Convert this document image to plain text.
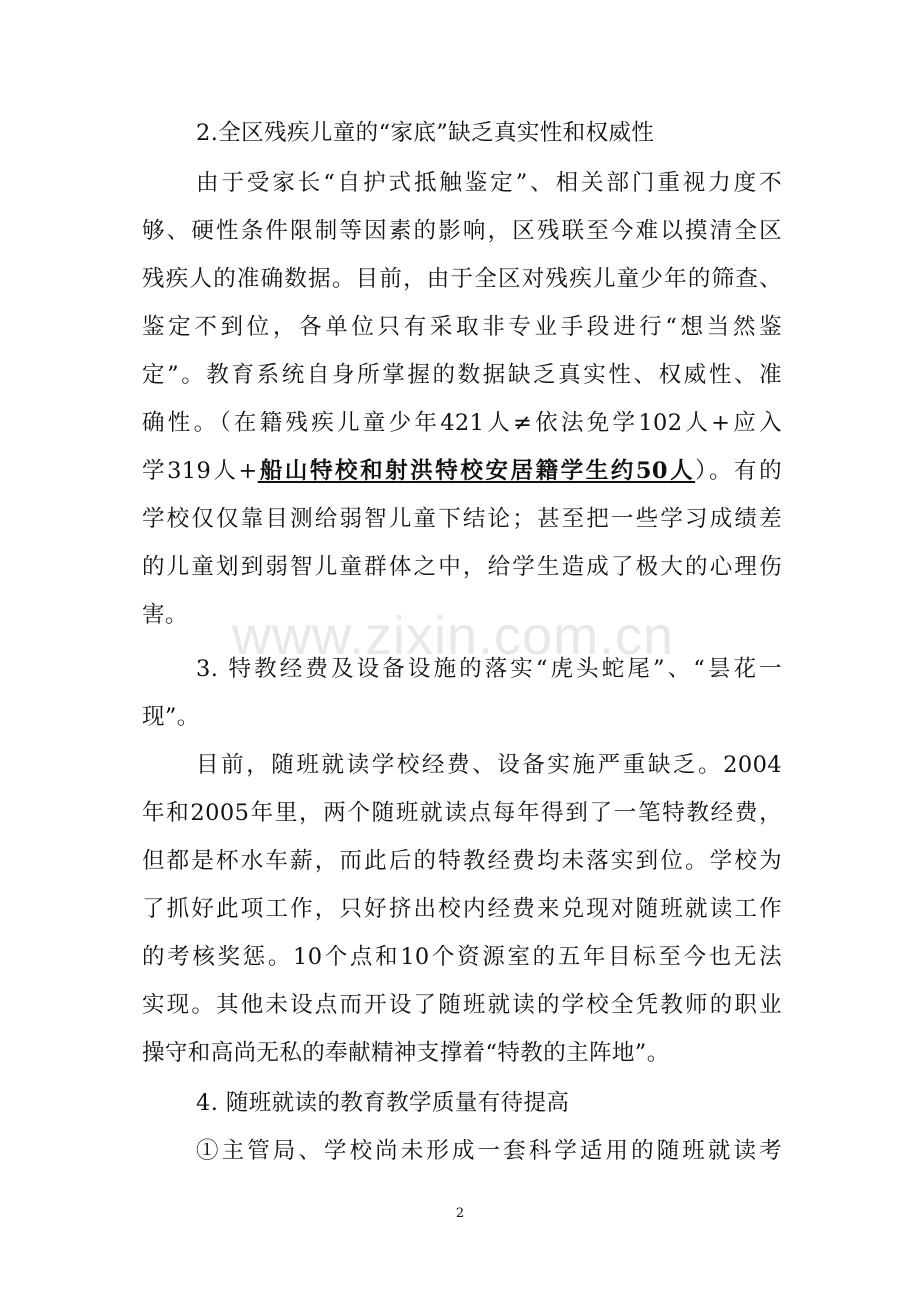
www.zixin.com.cn

2.全区残疾儿童的“家底”缺乏真实性和权威性

由于受家长“自护式抵触鉴定”、相关部门重视力度不

够、硬性条件限制等因素的影响，区残联至今难以摸清全区

残疾人的准确数据。目前，由于全区对残疾儿童少年的筛查、

鉴定不到位，各单位只有采取非专业手段进行“想当然鉴

定”。教育系统自身所掌握的数据缺乏真实性、权威性、准

确性。（在籍残疾儿童少年421人≠依法免学102人+应入

学319人+船山特校和射洪特校安居籍学生约50人）。有的

学校仅仅靠目测给弱智儿童下结论；甚至把一些学习成绩差

的儿童划到弱智儿童群体之中，给学生造成了极大的心理伤

害。

3. 特教经费及设备设施的落实“虎头蛇尾”、“昙花一

现”。

目前，随班就读学校经费、设备实施严重缺乏。2004

年和2005年里，两个随班就读点每年得到了一笔特教经费，

但都是杯水车薪，而此后的特教经费均未落实到位。学校为

了抓好此项工作，只好挤出校内经费来兑现对随班就读工作

的考核奖惩。10个点和10个资源室的五年目标至今也无法

实现。其他未设点而开设了随班就读的学校全凭教师的职业

操守和高尚无私的奉献精神支撑着“特教的主阵地”。

4. 随班就读的教育教学质量有待提高

①主管局、学校尚未形成一套科学适用的随班就读考

2
